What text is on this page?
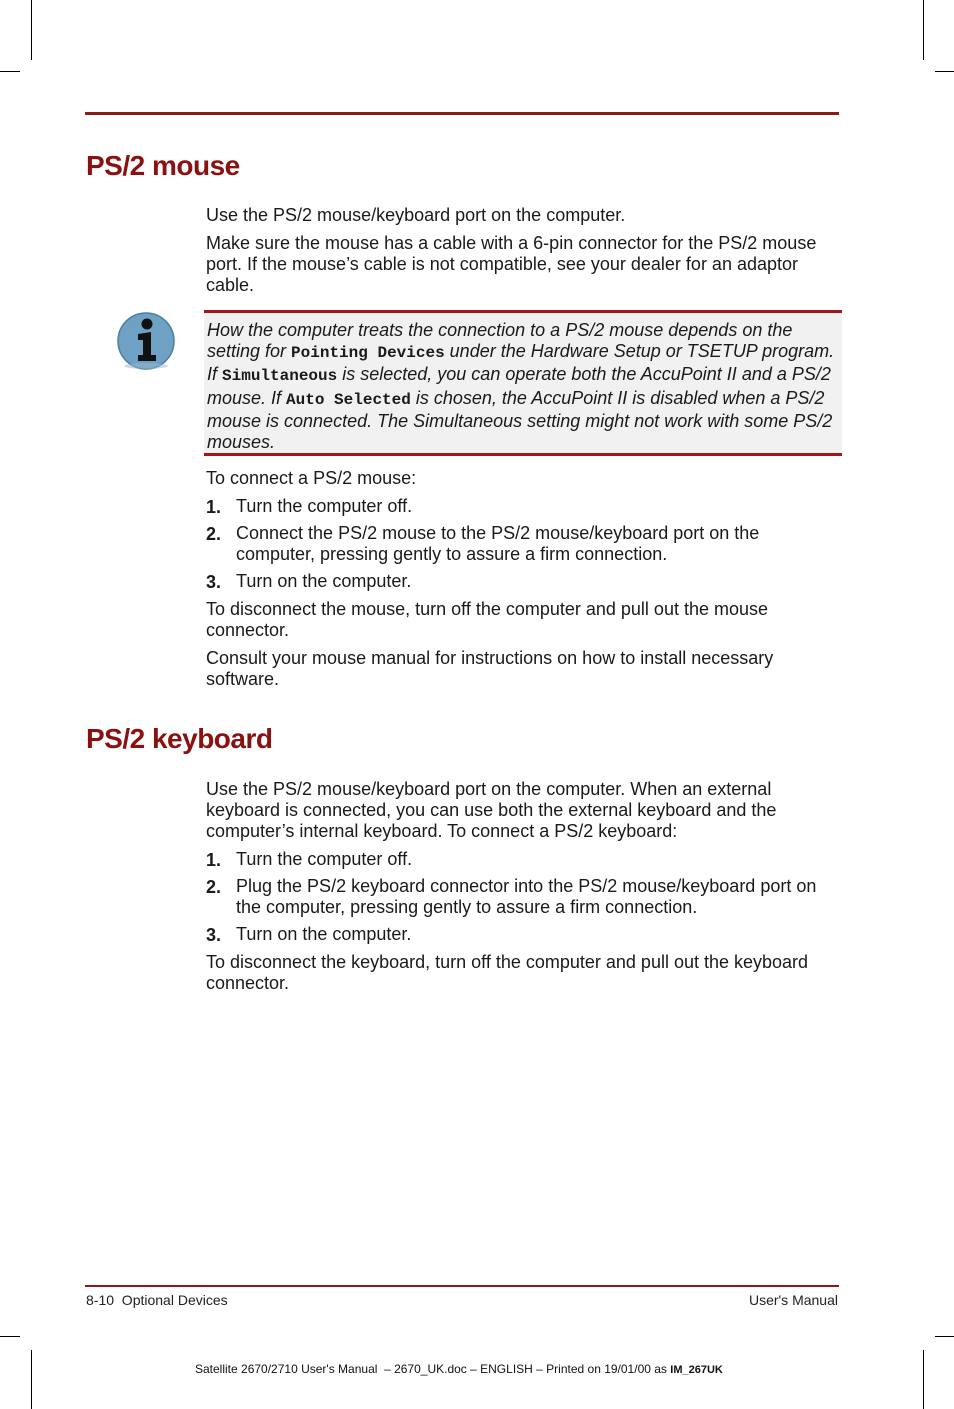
PS/2 mouse

Use the PS/2 mouse/keyboard port on the computer.

Make sure the mouse has a cable with a 6-pin connector for the PS/2 mouse port. If the mouse’s cable is not compatible, see your dealer for an adaptor cable.

How the computer treats the connection to a PS/2 mouse depends on the setting for Pointing Devices under the Hardware Setup or TSETUP program. If Simultaneous is selected, you can operate both the AccuPoint II and a PS/2 mouse. If Auto Selected is chosen, the AccuPoint II is disabled when a PS/2 mouse is connected. The Simultaneous setting might not work with some PS/2 mouses.

To connect a PS/2 mouse:

1. Turn the computer off.
2. Connect the PS/2 mouse to the PS/2 mouse/keyboard port on the computer, pressing gently to assure a firm connection.
3. Turn on the computer.

To disconnect the mouse, turn off the computer and pull out the mouse connector.

Consult your mouse manual for instructions on how to install necessary software.

PS/2 keyboard

Use the PS/2 mouse/keyboard port on the computer. When an external keyboard is connected, you can use both the external keyboard and the computer’s internal keyboard. To connect a PS/2 keyboard:

1. Turn the computer off.
2. Plug the PS/2 keyboard connector into the PS/2 mouse/keyboard port on the computer, pressing gently to assure a firm connection.
3. Turn on the computer.

To disconnect the keyboard, turn off the computer and pull out the keyboard connector.

8-10  Optional Devices	User's Manual
Satellite 2670/2710 User's Manual  – 2670_UK.doc – ENGLISH – Printed on 19/01/00 as IM_267UK
